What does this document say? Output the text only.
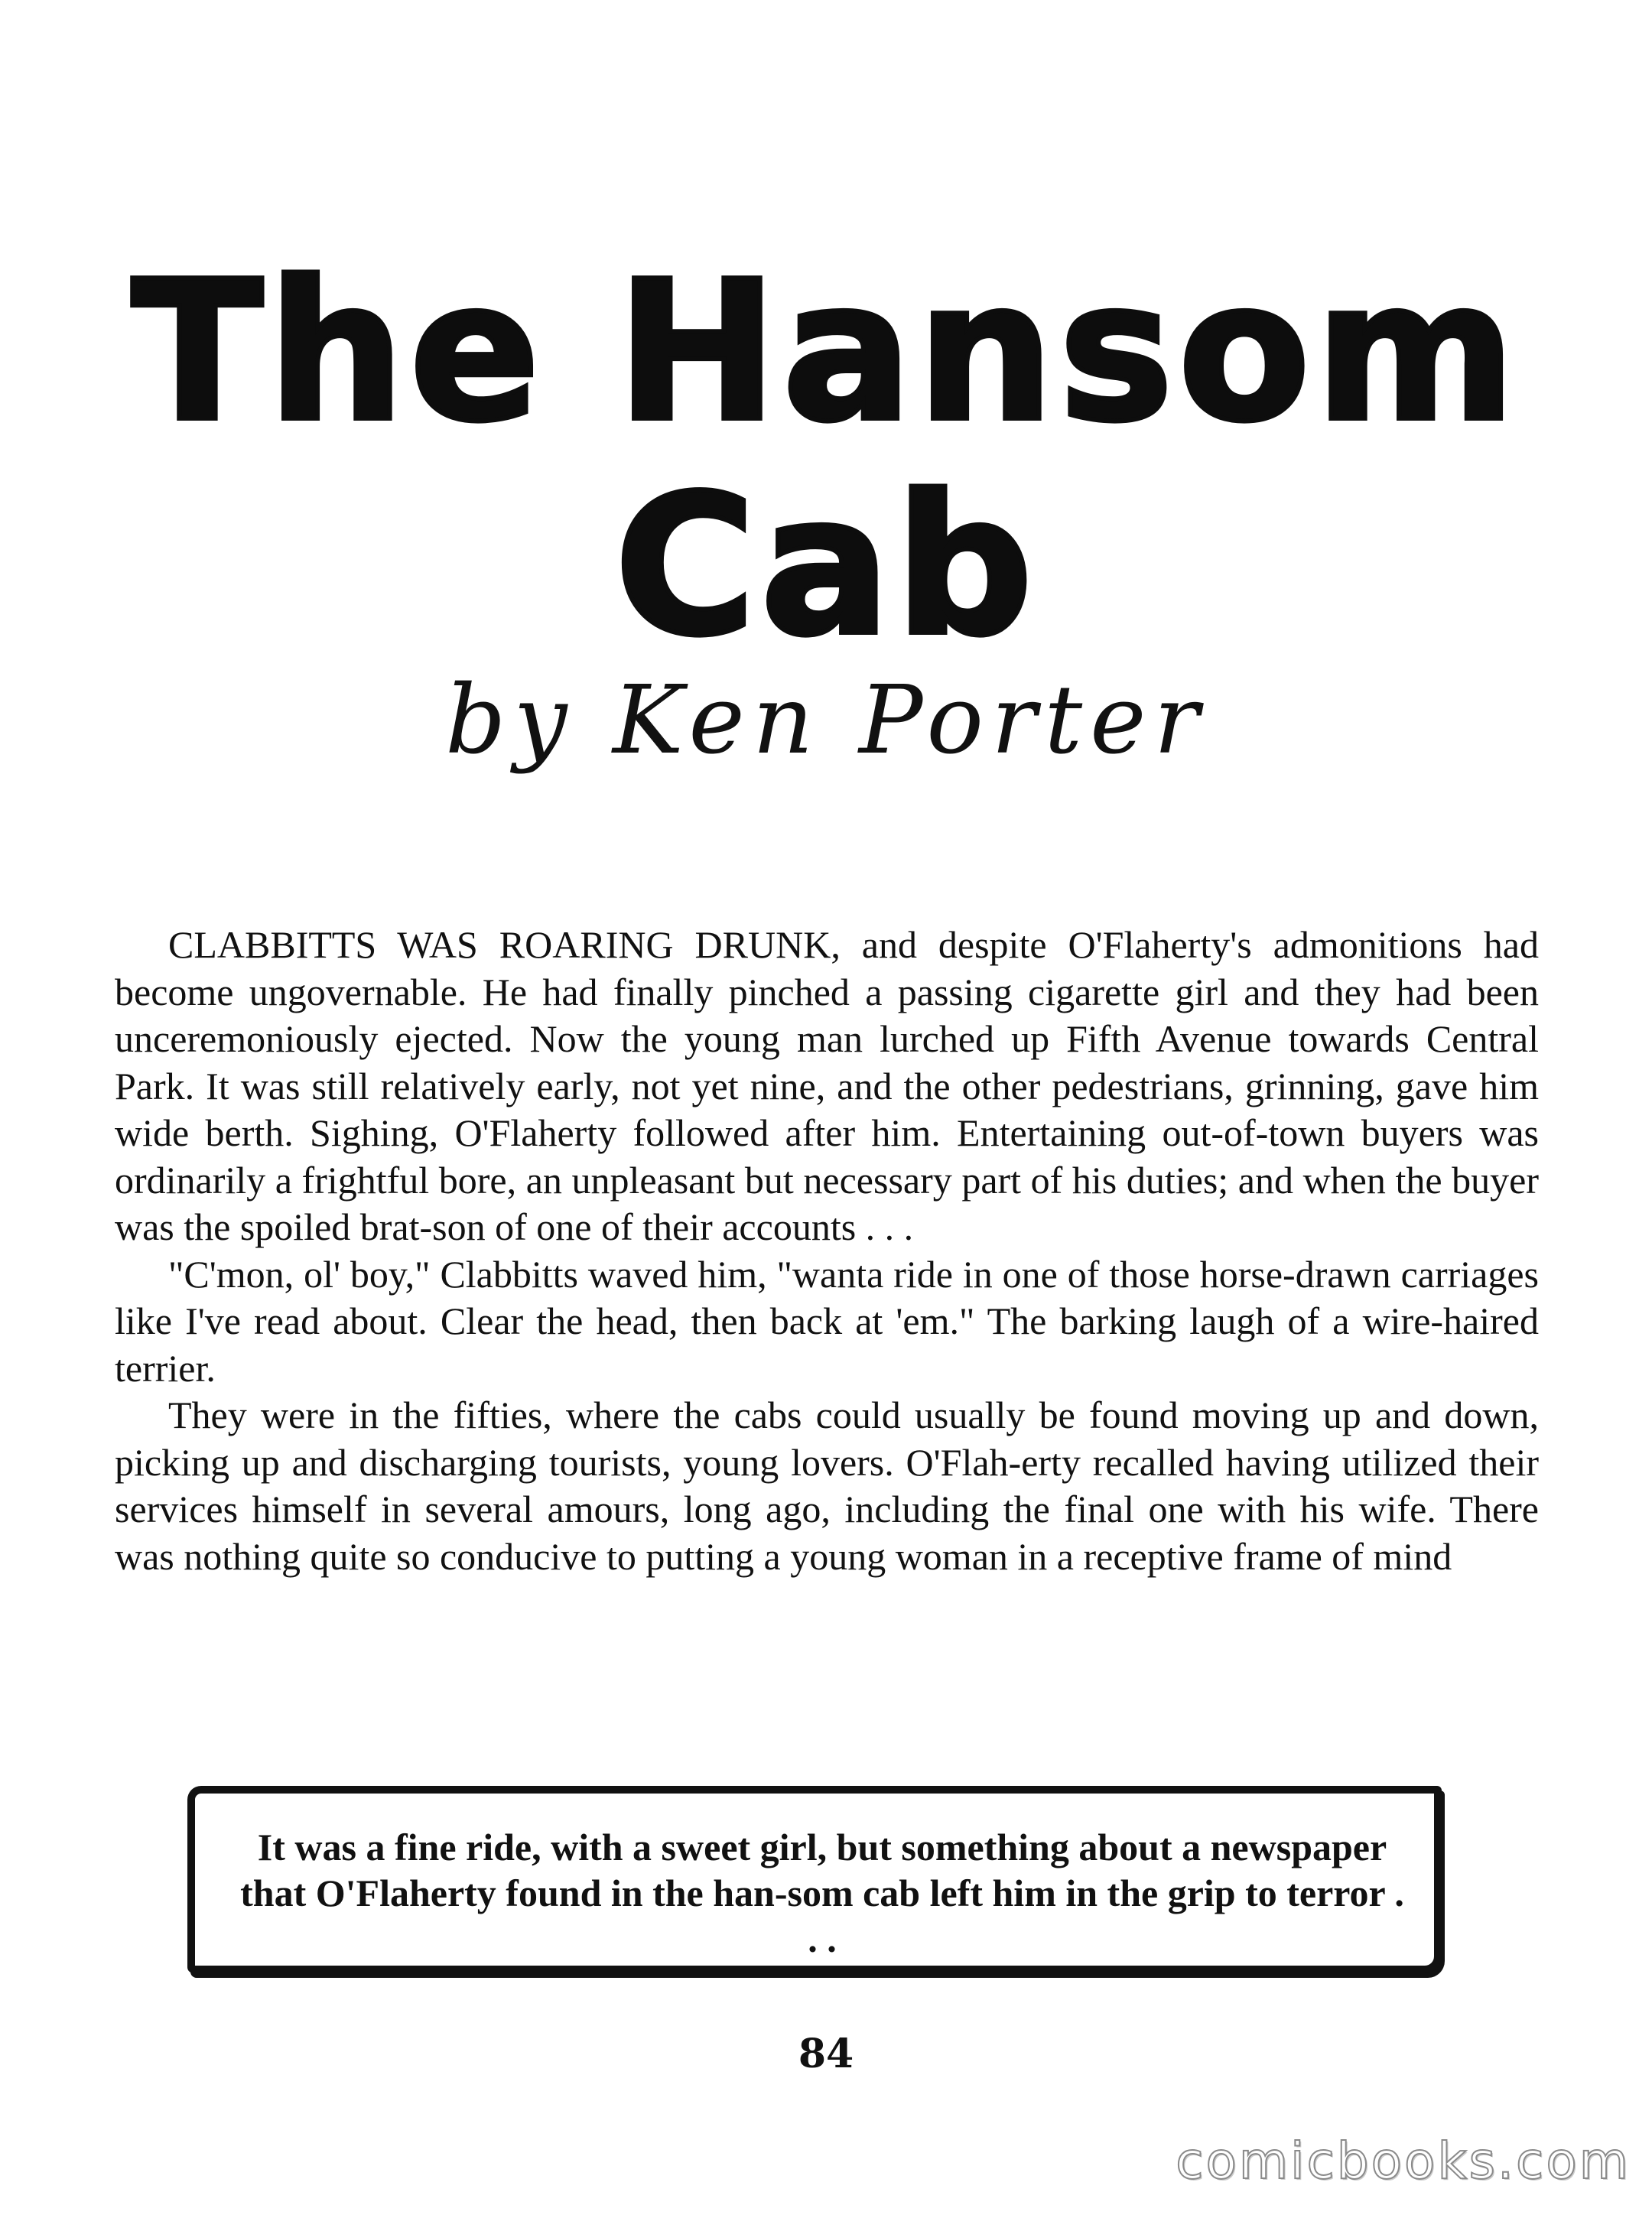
The Hansom
Cab
by Ken Porter

CLABBITTS WAS ROARING DRUNK, and despite O'Flaherty's admonitions had become ungovernable. He had finally pinched a passing cigarette girl and they had been unceremoniously ejected. Now the young man lurched up Fifth Avenue towards Central Park. It was still relatively early, not yet nine, and the other pedestrians, grinning, gave him wide berth. Sighing, O'Flaherty followed after him. Entertaining out-of-town buyers was ordinarily a frightful bore, an unpleasant but necessary part of his duties; and when the buyer was the spoiled brat-son of one of their accounts . . .

"C'mon, ol' boy," Clabbitts waved him, "wanta ride in one of those horse-drawn carriages like I've read about. Clear the head, then back at 'em." The barking laugh of a wire-haired terrier.

They were in the fifties, where the cabs could usually be found moving up and down, picking up and discharging tourists, young lovers. O'Flah-erty recalled having utilized their services himself in several amours, long ago, including the final one with his wife. There was nothing quite so conducive to putting a young woman in a receptive frame of mind

It was a fine ride, with a sweet girl, but something about a newspaper that O'Flaherty found in the han-som cab left him in the grip to terror . . .
84
comicbooks.com
